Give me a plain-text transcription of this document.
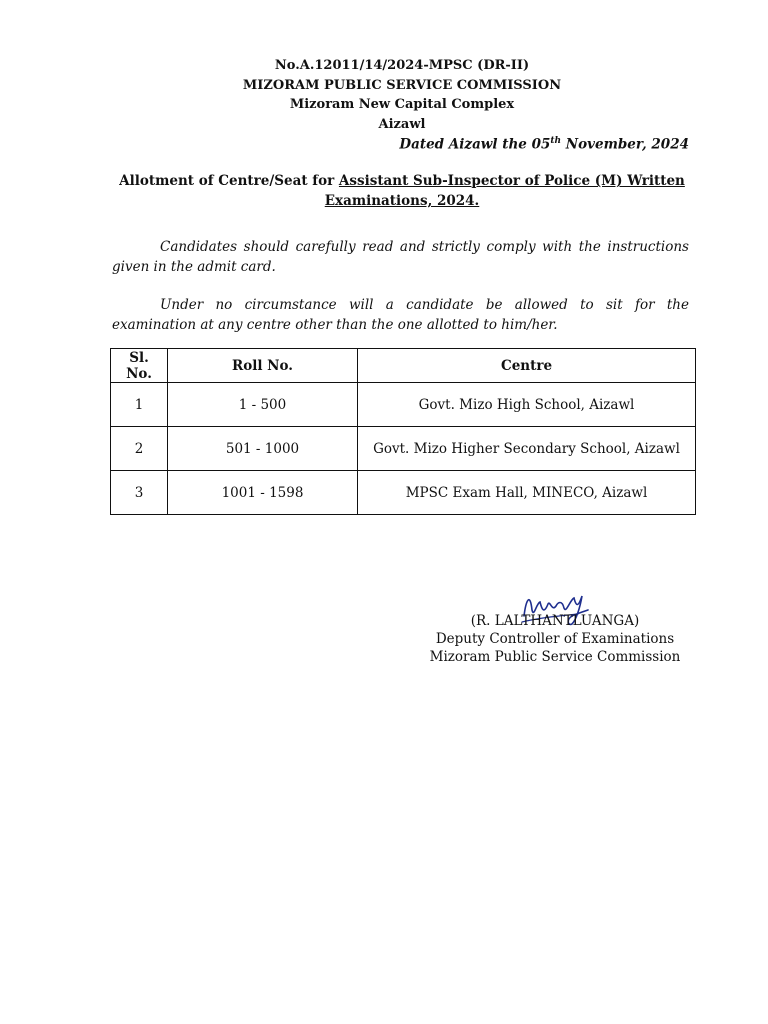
No.A.12011/14/2024-MPSC (DR-II)
MIZORAM PUBLIC SERVICE COMMISSION
Mizoram New Capital Complex
Aizawl
Dated Aizawl the 05th November, 2024
Allotment of Centre/Seat for Assistant Sub-Inspector of Police (M) Written Examinations, 2024.
Candidates should carefully read and strictly comply with the instructions given in the admit card.
Under no circumstance will a candidate be allowed to sit for the examination at any centre other than the one allotted to him/her.
Sl. No.	Roll No.	Centre
1	1 - 500	Govt. Mizo High School, Aizawl
2	501 - 1000	Govt. Mizo Higher Secondary School, Aizawl
3	1001 - 1598	MPSC Exam Hall, MINECO, Aizawl
(R. LALTHANTLUANGA)
Deputy Controller of Examinations
Mizoram Public Service Commission
